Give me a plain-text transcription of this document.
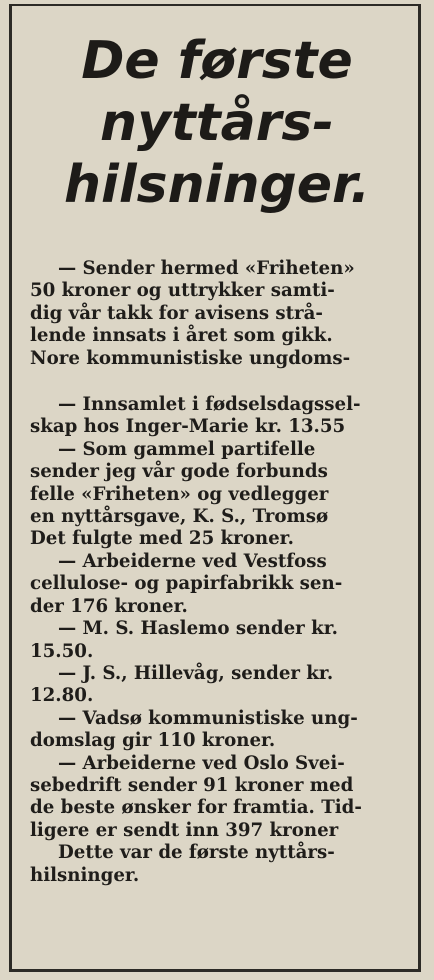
De første
nyttårs-
hilsninger.
— Sender hermed «Friheten»
50 kroner og uttrykker samti-
dig vår takk for avisens strå-
lende innsats i året som gikk.
Nore kommunistiske ungdoms-
— Innsamlet i fødselsdagssel-
skap hos Inger-Marie kr. 13.55
— Som gammel partifelle
sender jeg vår gode forbunds
felle «Friheten» og vedlegger
en nyttårsgave, K. S., Tromsø
Det fulgte med 25 kroner.
— Arbeiderne ved Vestfoss
cellulose- og papirfabrikk sen-
der 176 kroner.
— M. S. Haslemo sender kr.
15.50.
— J. S., Hillevåg, sender kr.
12.80.
— Vadsø kommunistiske ung-
domslag gir 110 kroner.
— Arbeiderne ved Oslo Svei-
sebedrift sender 91 kroner med
de beste ønsker for framtia. Tid-
ligere er sendt inn 397 kroner
Dette var de første nyttårs-
hilsninger.
